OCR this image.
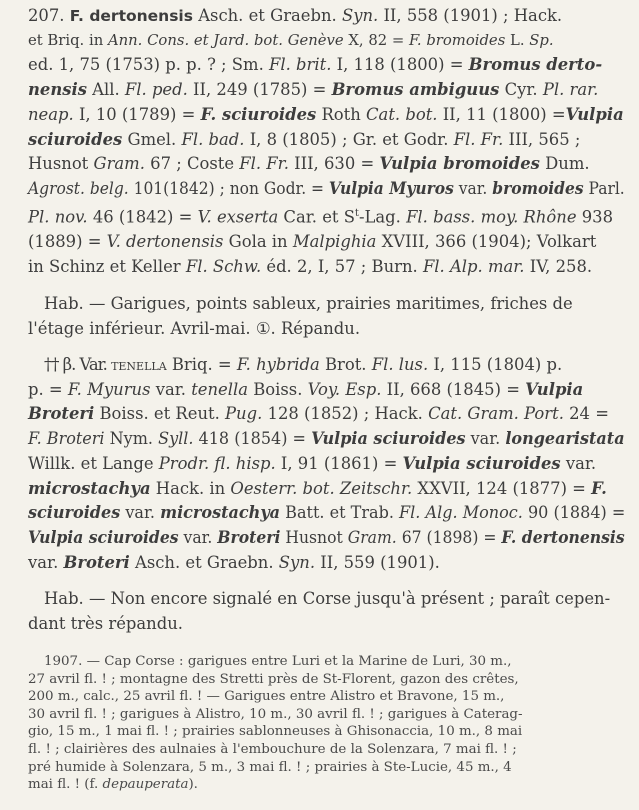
207. F. dertonensis Asch. et Graebn. Syn. II, 558 (1901) ; Hack.
et Briq. in Ann. Cons. et Jard. bot. Genève X, 82 = F. bromoides L. Sp.
ed. 1, 75 (1753) p. p. ? ; Sm. Fl. brit. I, 118 (1800) = Bromus derto-
nensis All. Fl. ped. II, 249 (1785) = Bromus ambiguus Cyr. Pl. rar.
neap. I, 10 (1789) = F. sciuroides Roth Cat. bot. II, 11 (1800) =Vulpia
sciuroides Gmel. Fl. bad. I, 8 (1805) ; Gr. et Godr. Fl. Fr. III, 565 ;
Husnot Gram. 67 ; Coste Fl. Fr. III, 630 = Vulpia bromoides Dum.
Agrost. belg. 101(1842) ; non Godr. = Vulpia Myuros var. bromoides Parl.
Pl. nov. 46 (1842) = V. exserta Car. et $S^t$-Lag. Fl. bass. moy. Rhône 938
(1889) = V. dertonensis Gola in Malpighia XVIII, 366 (1904); Volkart
in Schinz et Keller Fl. Schw. éd. 2, I, 57 ; Burn. Fl. Alp. mar. IV, 258.
Hab. — Garigues, points sableux, prairies maritimes, friches de
l'étage inférieur. Avril-mai. ①. Répandu.
†† β. Var. tenella Briq. = F. hybrida Brot. Fl. lus. I, 115 (1804) p.
p. = F. Myurus var. tenella Boiss. Voy. Esp. II, 668 (1845) = Vulpia
Broteri Boiss. et Reut. Pug. 128 (1852) ; Hack. Cat. Gram. Port. 24 =
F. Broteri Nym. Syll. 418 (1854) = Vulpia sciuroides var. longearistata
Willk. et Lange Prodr. fl. hisp. I, 91 (1861) = Vulpia sciuroides var.
microstachya Hack. in Oesterr. bot. Zeitschr. XXVII, 124 (1877) = F.
sciuroides var. microstachya Batt. et Trab. Fl. Alg. Monoc. 90 (1884) =
Vulpia sciuroides var. Broteri Husnot Gram. 67 (1898) = F. dertonensis
var. Broteri Asch. et Graebn. Syn. II, 559 (1901).
Hab. — Non encore signalé en Corse jusqu'à présent ; paraît cepen-
dant très répandu.
1907. — Cap Corse : garigues entre Luri et la Marine de Luri, 30 m.,
27 avril fl. ! ; montagne des Stretti près de St-Florent, gazon des crêtes,
200 m., calc., 25 avril fl. ! — Garigues entre Alistro et Bravone, 15 m.,
30 avril fl. ! ; garigues à Alistro, 10 m., 30 avril fl. ! ; garigues à Caterag-
gio, 15 m., 1 mai fl. ! ; prairies sablonneuses à Ghisonaccia, 10 m., 8 mai
fl. ! ; clairières des aulnaies à l'embouchure de la Solenzara, 7 mai fl. ! ;
pré humide à Solenzara, 5 m., 3 mai fl. ! ; prairies à Ste-Lucie, 45 m., 4
mai fl. ! (f. depauperata).
